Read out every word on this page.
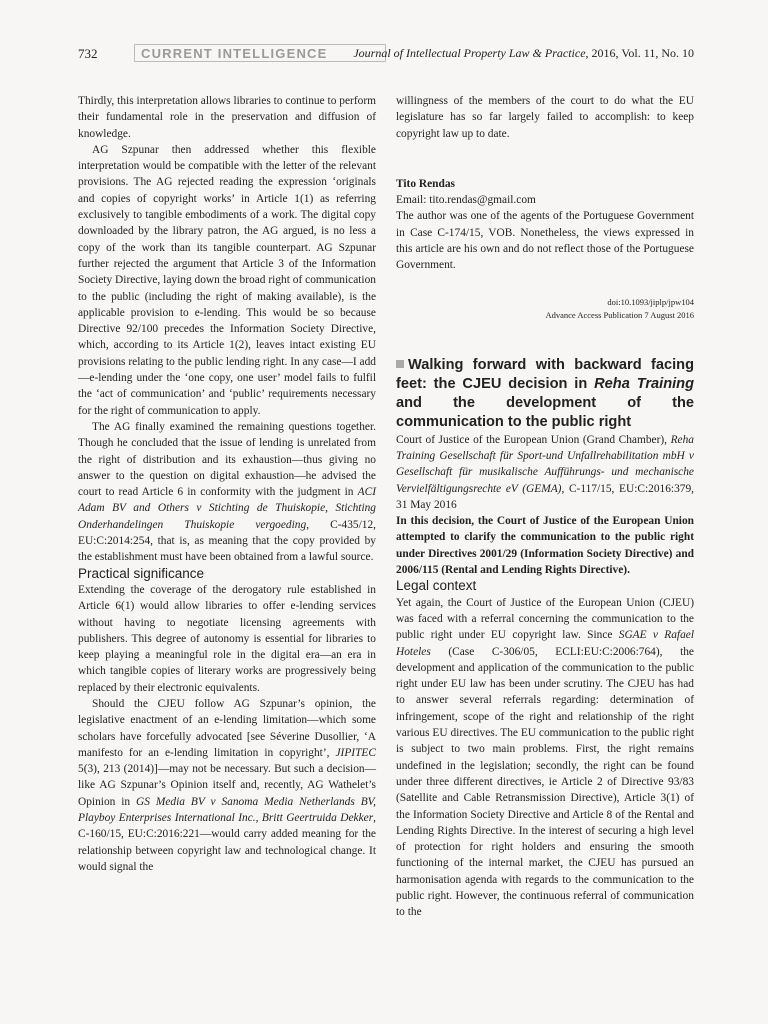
732	CURRENT INTELLIGENCE	Journal of Intellectual Property Law & Practice, 2016, Vol. 11, No. 10

Thirdly, this interpretation allows libraries to continue to perform their fundamental role in the preservation and diffusion of knowledge.

AG Szpunar then addressed whether this flexible interpretation would be compatible with the letter of the relevant provisions. The AG rejected reading the expression ‘originals and copies of copyright works’ in Article 1(1) as referring exclusively to tangible embodiments of a work. The digital copy downloaded by the library patron, the AG argued, is no less a copy of the work than its tangible counterpart. AG Szpunar further rejected the argument that Article 3 of the Information Society Directive, laying down the broad right of communication to the public (including the right of making available), is the applicable provision to e-lending. This would be so because Directive 92/100 precedes the Information Society Directive, which, according to its Article 1(2), leaves intact existing EU provisions relating to the public lending right. In any case—I add—e-lending under the ‘one copy, one user’ model fails to fulfil the ‘act of communication’ and ‘public’ requirements necessary for the right of communication to apply.

The AG finally examined the remaining questions together. Though he concluded that the issue of lending is unrelated from the right of distribution and its exhaustion—thus giving no answer to the question on digital exhaustion—he advised the court to read Article 6 in conformity with the judgment in ACI Adam BV and Others v Stichting de Thuiskopie, Stichting Onderhandelingen Thuiskopie vergoeding, C-435/12, EU:C:2014:254, that is, as meaning that the copy provided by the establishment must have been obtained from a lawful source.

Practical significance

Extending the coverage of the derogatory rule established in Article 6(1) would allow libraries to offer e-lending services without having to negotiate licensing agreements with publishers. This degree of autonomy is essential for libraries to keep playing a meaningful role in the digital era—an era in which tangible copies of literary works are progressively being replaced by their electronic equivalents.

Should the CJEU follow AG Szpunar’s opinion, the legislative enactment of an e-lending limitation—which some scholars have forcefully advocated [see Séverine Dusollier, ‘A manifesto for an e-lending limitation in copyright’, JIPITEC 5(3), 213 (2014)]—may not be necessary. But such a decision—like AG Szpunar’s Opinion itself and, recently, AG Wathelet’s Opinion in GS Media BV v Sanoma Media Netherlands BV, Playboy Enterprises International Inc., Britt Geertruida Dekker, C-160/15, EU:C:2016:221—would carry added meaning for the relationship between copyright law and technological change. It would signal the

willingness of the members of the court to do what the EU legislature has so far largely failed to accomplish: to keep copyright law up to date.

Tito Rendas
Email: tito.rendas@gmail.com

The author was one of the agents of the Portuguese Government in Case C-174/15, VOB. Nonetheless, the views expressed in this article are his own and do not reflect those of the Portuguese Government.

doi:10.1093/jiplp/jpw104
Advance Access Publication 7 August 2016
Walking forward with backward facing feet: the CJEU decision in Reha Training and the development of the communication to the public right

Court of Justice of the European Union (Grand Chamber), Reha Training Gesellschaft für Sport-und Unfallrehabilitation mbH v Gesellschaft für musikalische Aufführungs- und mechanische Vervielfältigungsrechte eV (GEMA), C-117/15, EU:C:2016:379, 31 May 2016

In this decision, the Court of Justice of the European Union attempted to clarify the communication to the public right under Directives 2001/29 (Information Society Directive) and 2006/115 (Rental and Lending Rights Directive).

Legal context

Yet again, the Court of Justice of the European Union (CJEU) was faced with a referral concerning the communication to the public right under EU copyright law. Since SGAE v Rafael Hoteles (Case C-306/05, ECLI:EU:C:2006:764), the development and application of the communication to the public right under EU law has been under scrutiny. The CJEU has had to answer several referrals regarding: determination of infringement, scope of the right and relationship of the right various EU directives. The EU communication to the public right is subject to two main problems. First, the right remains undefined in the legislation; secondly, the right can be found under three different directives, ie Article 2 of Directive 93/83 (Satellite and Cable Retransmission Directive), Article 3(1) of the Information Society Directive and Article 8 of the Rental and Lending Rights Directive. In the interest of securing a high level of protection for right holders and ensuring the smooth functioning of the internal market, the CJEU has pursued an harmonisation agenda with regards to the communication to the public right. However, the continuous referral of communication to the
